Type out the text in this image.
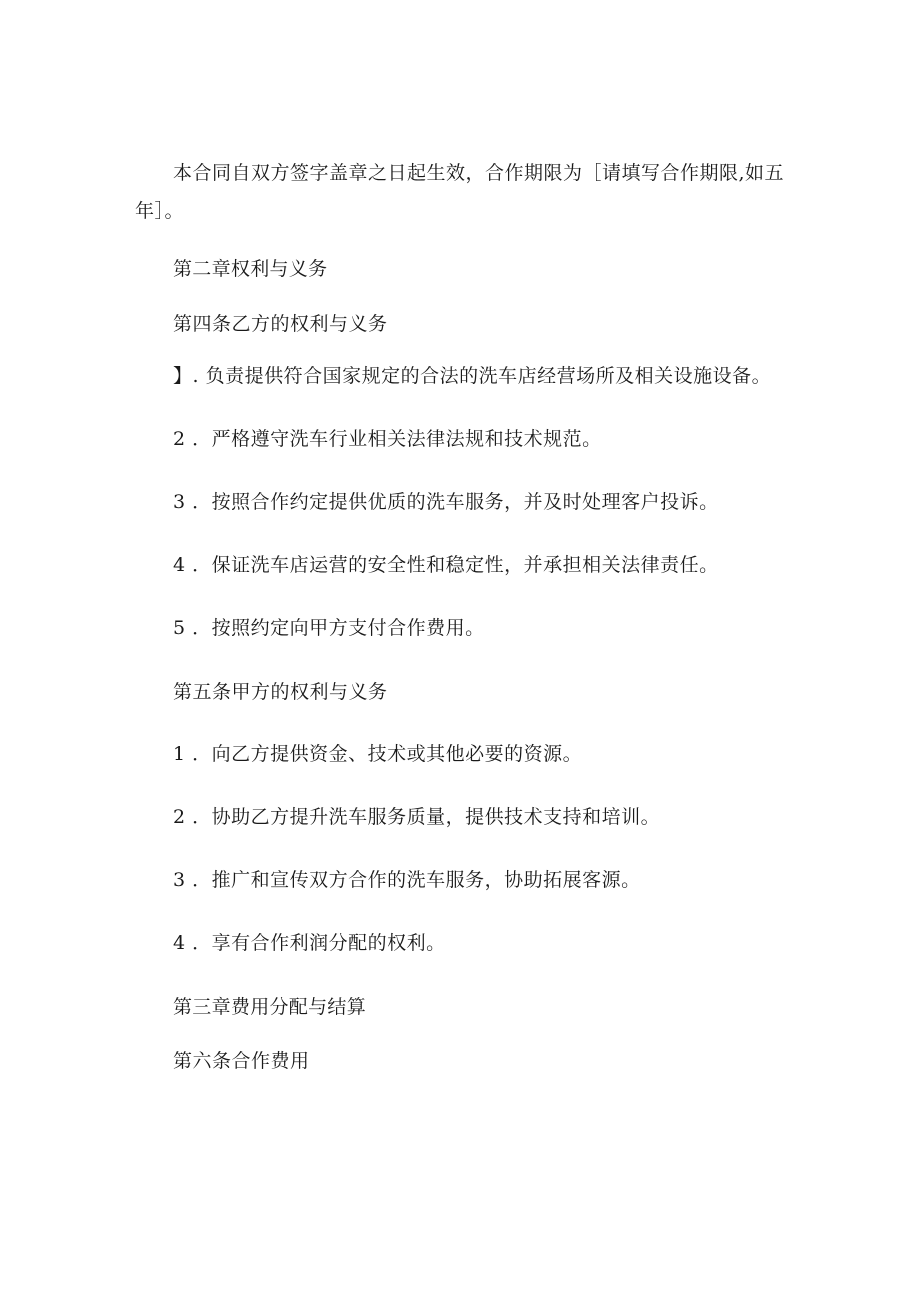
本合同自双方签字盖章之日起生效，合作期限为［请填写合作期限,如五年］。
第二章权利与义务
第四条乙方的权利与义务
】. 负责提供符合国家规定的合法的洗车店经营场所及相关设施设备。
2 ．严格遵守洗车行业相关法律法规和技术规范。
3 ．按照合作约定提供优质的洗车服务，并及时处理客户投诉。
4 ．保证洗车店运营的安全性和稳定性，并承担相关法律责任。
5 ．按照约定向甲方支付合作费用。
第五条甲方的权利与义务
1 ．向乙方提供资金、技术或其他必要的资源。
2 ．协助乙方提升洗车服务质量，提供技术支持和培训。
3 ．推广和宣传双方合作的洗车服务，协助拓展客源。
4 ．享有合作利润分配的权利。
第三章费用分配与结算
第六条合作费用
